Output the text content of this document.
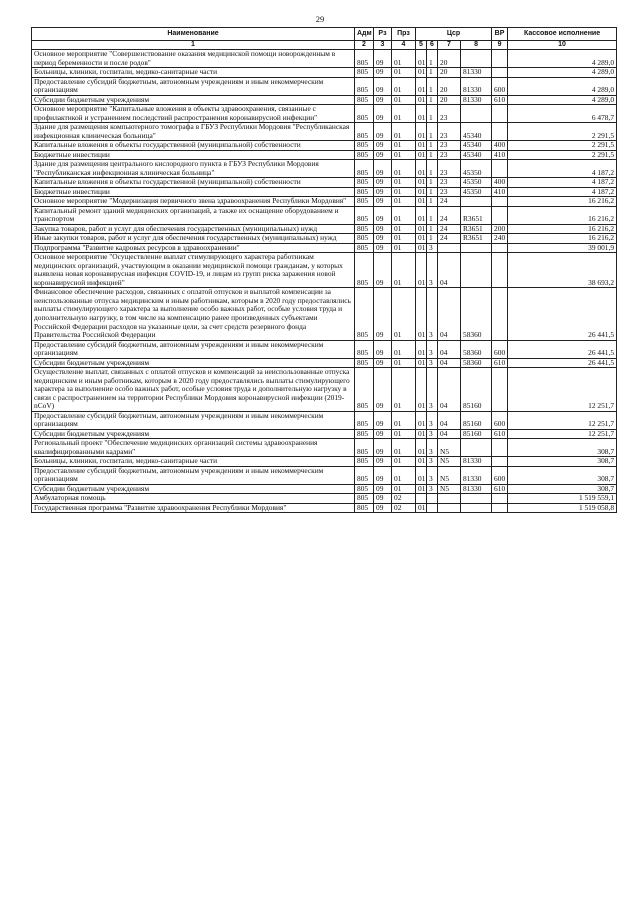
29
Наименование	Адм	Рз	Прз	Цср				ВР	Кассовое исполнение
1	2	3	4	5	6	7	8	9	10
Основное мероприятие "Совершенствование оказания медицинской помощи новорожденным в период беременности и после родов"	805	09	01	01	1	20			4 289,0
Больницы, клиники, госпитали, медико-санитарные части	805	09	01	01	1	20	81330		4 289,0
Предоставление субсидий бюджетным, автономным учреждениям и иным некоммерческим организациям	805	09	01	01	1	20	81330	600	4 289,0
Субсидии бюджетным учреждениям	805	09	01	01	1	20	81330	610	4 289,0
Основное мероприятие "Капитальные вложения в объекты здравоохранения, связанные с профилактикой и устранением последствий распространения коронавирусной инфекции"	805	09	01	01	1	23			6 478,7
Здание для размещения компьютерного томографа в ГБУЗ Республики Мордовия "Республиканская инфекционная клиническая больница"	805	09	01	01	1	23	45340		2 291,5
Капитальные вложения в объекты государственной (муниципальной) собственности	805	09	01	01	1	23	45340	400	2 291,5
Бюджетные инвестиции	805	09	01	01	1	23	45340	410	2 291,5
Здание для размещения центрального кислородного пункта в ГБУЗ Республики Мордовия "Республиканская инфекционная клиническая больница"	805	09	01	01	1	23	45350		4 187,2
Капитальные вложения в объекты государственной (муниципальной) собственности	805	09	01	01	1	23	45350	400	4 187,2
Бюджетные инвестиции	805	09	01	01	1	23	45350	410	4 187,2
Основное мероприятие "Модернизация первичного звена здравоохранения Республики Мордовия"	805	09	01	01	1	24			16 216,2
Капитальный ремонт зданий медицинских организаций, а также их оснащение оборудованием и транспортом	805	09	01	01	1	24	R3651		16 216,2
Закупка товаров, работ и услуг для обеспечения государственных (муниципальных) нужд	805	09	01	01	1	24	R3651	200	16 216,2
Иные закупки товаров, работ и услуг для обеспечения государственных (муниципальных) нужд	805	09	01	01	1	24	R3651	240	16 216,2
Подпрограмма "Развитие кадровых ресурсов в здравоохранении"	805	09	01	01	3				39 001,9
Основное мероприятие "Осуществление выплат стимулирующего характера работникам медицинских организаций, участвующим в оказании медицинской помощи гражданам, у которых выявлена новая коронавирусная инфекция COVID-19, и лицам из групп риска заражения новой коронавирусной инфекцией"	805	09	01	01	3	04			38 693,2
Финансовое обеспечение расходов, связанных с оплатой отпусков и выплатой компенсации за неиспользованные отпуска медицинским и иным работникам, которым в 2020 году предоставлялись выплаты стимулирующего характера за выполнение особо важных работ, особые условия труда и дополнительную нагрузку, в том числе на компенсацию ранее произведенных субъектами Российской Федерации расходов на указанные цели, за счет средств резервного фонда Правительства Российской Федерации	805	09	01	01	3	04	58360		26 441,5
Предоставление субсидий бюджетным, автономным учреждениям и иным некоммерческим организациям	805	09	01	01	3	04	58360	600	26 441,5
Субсидии бюджетным учреждениям	805	09	01	01	3	04	58360	610	26 441,5
Осуществление выплат, связанных с оплатой отпусков и компенсаций за неиспользованные отпуска медицинским и иным работникам, которым в 2020 году предоставлялись выплаты стимулирующего характера за выполнение особо важных работ, особые условия труда и дополнительную нагрузку в связи с распространением на территории Республики Мордовия коронавирусной инфекции (2019-nCoV)	805	09	01	01	3	04	85160		12 251,7
Предоставление субсидий бюджетным, автономным учреждениям и иным некоммерческим организациям	805	09	01	01	3	04	85160	600	12 251,7
Субсидии бюджетным учреждениям	805	09	01	01	3	04	85160	610	12 251,7
Региональный проект "Обеспечение медицинских организаций системы здравоохранения квалифицированными кадрами"	805	09	01	01	3	N5			308,7
Больницы, клиники, госпитали, медико-санитарные части	805	09	01	01	3	N5	81330		308,7
Предоставление субсидий бюджетным, автономным учреждениям и иным некоммерческим организациям	805	09	01	01	3	N5	81330	600	308,7
Субсидии бюджетным учреждениям	805	09	01	01	3	N5	81330	610	308,7
Амбулаторная помощь	805	09	02						1 519 559,1
Государственная программа "Развитие здравоохранения Республики Мордовия"	805	09	02	01					1 519 058,8
